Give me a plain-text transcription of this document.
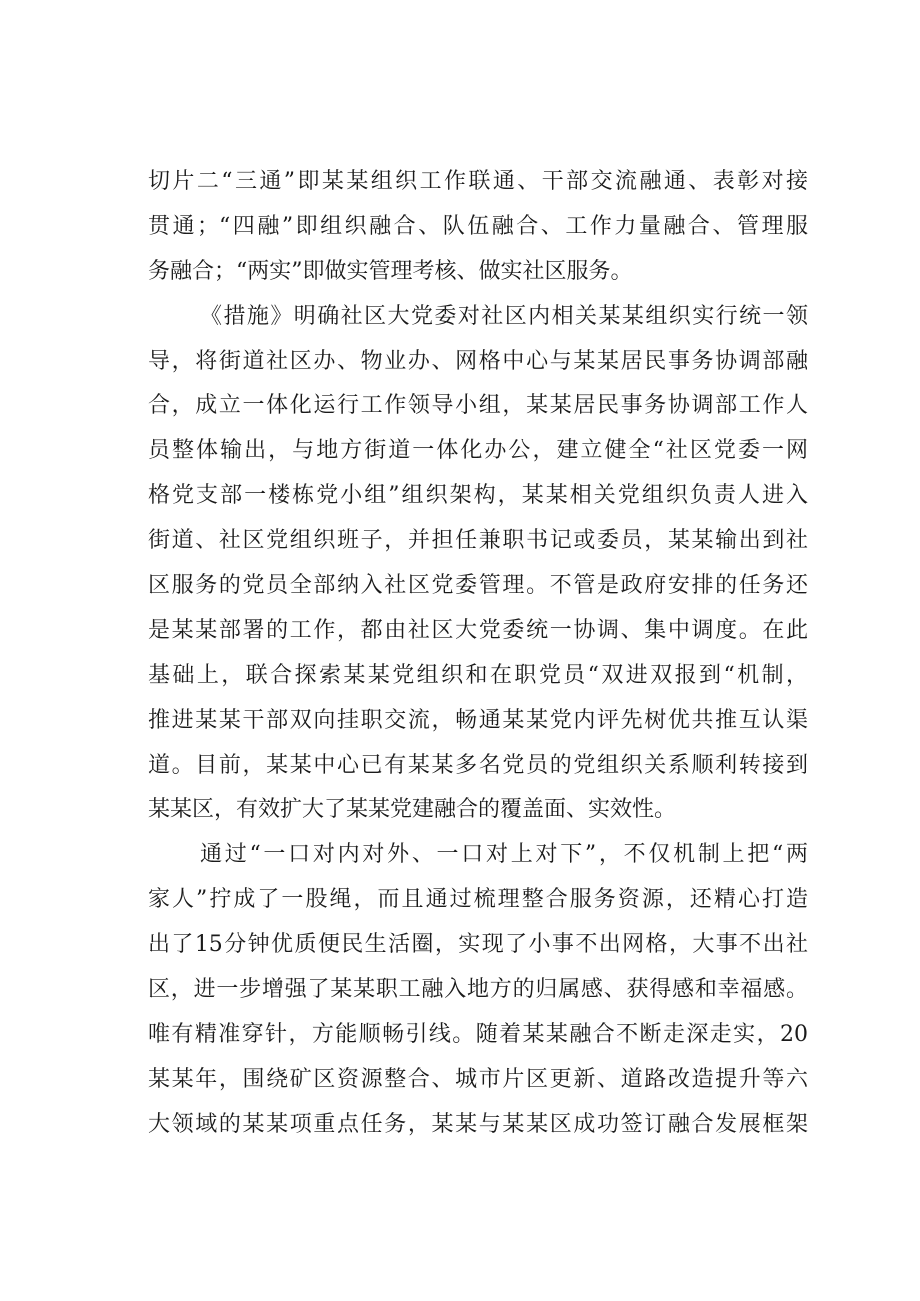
切片二“三通”即某某组织工作联通、干部交流融通、表彰对接
贯通；“四融”即组织融合、队伍融合、工作力量融合、管理服
务融合；“两实”即做实管理考核、做实社区服务。
《措施》明确社区大党委对社区内相关某某组织实行统一领
导，将街道社区办、物业办、网格中心与某某居民事务协调部融
合，成立一体化运行工作领导小组，某某居民事务协调部工作人
员整体输出，与地方街道一体化办公，建立健全“社区党委一网
格党支部一楼栋党小组”组织架构，某某相关党组织负责人进入
街道、社区党组织班子，并担任兼职书记或委员，某某输出到社
区服务的党员全部纳入社区党委管理。不管是政府安排的任务还
是某某部署的工作，都由社区大党委统一协调、集中调度。在此
基础上，联合探索某某党组织和在职党员“双进双报到“机制，
推进某某干部双向挂职交流，畅通某某党内评先树优共推互认渠
道。目前，某某中心已有某某多名党员的党组织关系顺利转接到
某某区，有效扩大了某某党建融合的覆盖面、实效性。
通过“一口对内对外、一口对上对下”，不仅机制上把“两
家人”拧成了一股绳，而且通过梳理整合服务资源，还精心打造
出了15分钟优质便民生活圈，实现了小事不出网格，大事不出社
区，进一步增强了某某职工融入地方的归属感、获得感和幸福感。
唯有精准穿针，方能顺畅引线。随着某某融合不断走深走实，20
某某年，围绕矿区资源整合、城市片区更新、道路改造提升等六
大领域的某某项重点任务，某某与某某区成功签订融合发展框架
